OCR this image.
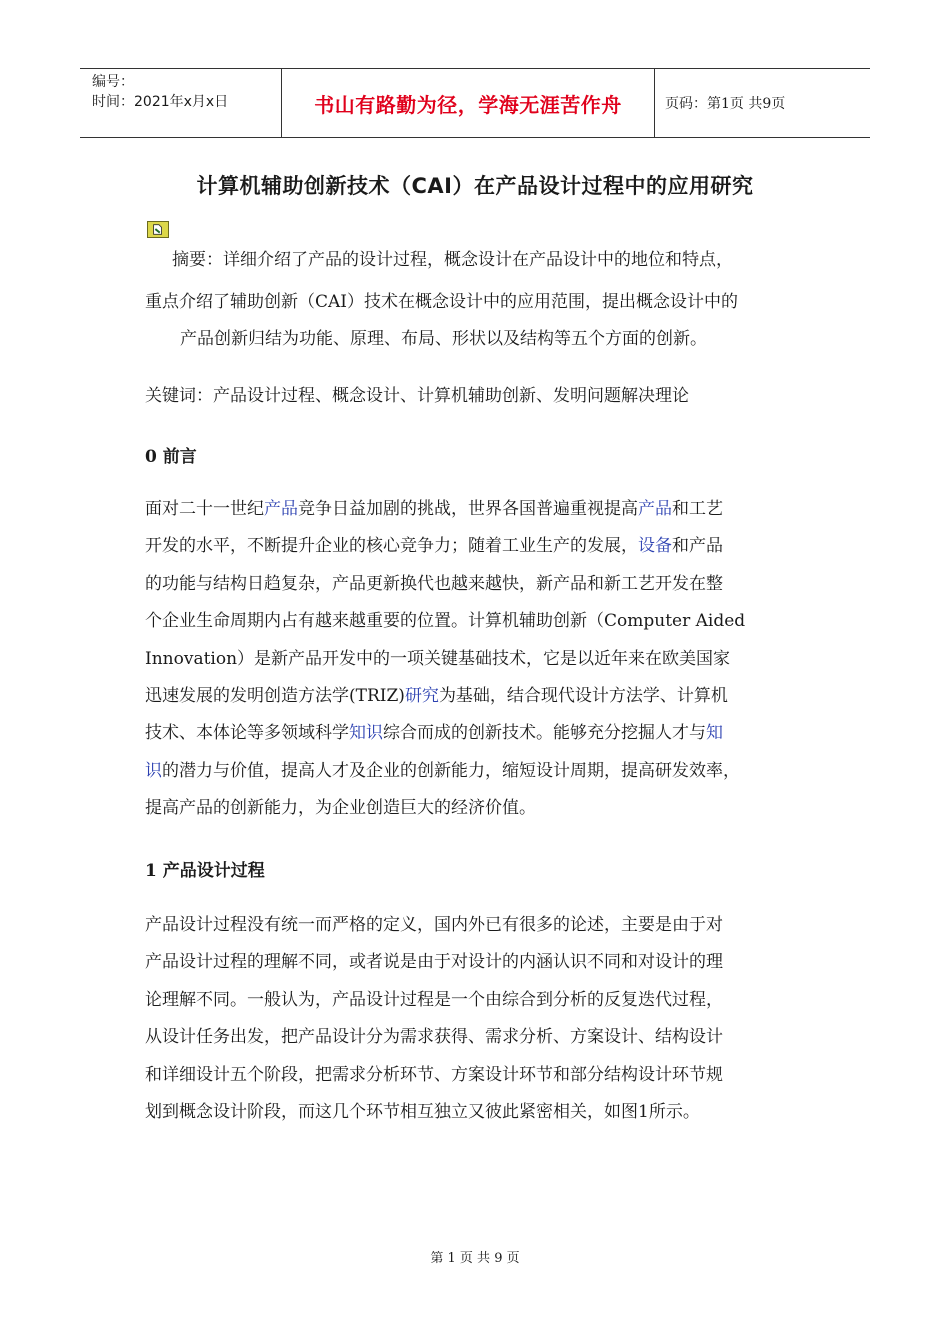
编号：
时间：2021年x月x日	书山有路勤为径，学海无涯苦作舟	页码：第1页 共9页
计算机辅助创新技术（CAI）在产品设计过程中的应用研究
摘要：详细介绍了产品的设计过程，概念设计在产品设计中的地位和特点，
重点介绍了辅助创新（CAI）技术在概念设计中的应用范围，提出概念设计中的
产品创新归结为功能、原理、布局、形状以及结构等五个方面的创新。
关键词：产品设计过程、概念设计、计算机辅助创新、发明问题解决理论
0 前言
面对二十一世纪产品竞争日益加剧的挑战，世界各国普遍重视提高产品和工艺
开发的水平，不断提升企业的核心竞争力；随着工业生产的发展，设备和产品
的功能与结构日趋复杂，产品更新换代也越来越快，新产品和新工艺开发在整
个企业生命周期内占有越来越重要的位置。计算机辅助创新（Computer Aided
Innovation）是新产品开发中的一项关键基础技术，它是以近年来在欧美国家
迅速发展的发明创造方法学(TRIZ)研究为基础，结合现代设计方法学、计算机
技术、本体论等多领域科学知识综合而成的创新技术。能够充分挖掘人才与知
识的潜力与价值，提高人才及企业的创新能力，缩短设计周期，提高研发效率，
提高产品的创新能力，为企业创造巨大的经济价值。
1 产品设计过程
产品设计过程没有统一而严格的定义，国内外已有很多的论述，主要是由于对
产品设计过程的理解不同，或者说是由于对设计的内涵认识不同和对设计的理
论理解不同。一般认为，产品设计过程是一个由综合到分析的反复迭代过程，
从设计任务出发，把产品设计分为需求获得、需求分析、方案设计、结构设计
和详细设计五个阶段，把需求分析环节、方案设计环节和部分结构设计环节规
划到概念设计阶段，而这几个环节相互独立又彼此紧密相关，如图1所示。
第 1 页 共 9 页
